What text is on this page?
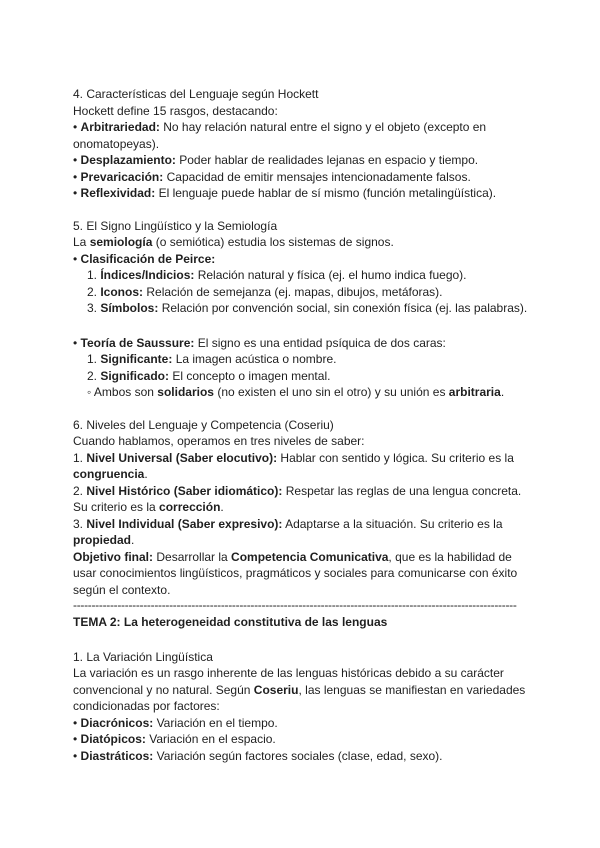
4. Características del Lenguaje según Hockett

Hockett define 15 rasgos, destacando:

• Arbitrariedad: No hay relación natural entre el signo y el objeto (excepto en onomatopeyas).

• Desplazamiento: Poder hablar de realidades lejanas en espacio y tiempo.

• Prevaricación: Capacidad de emitir mensajes intencionadamente falsos.

• Reflexividad: El lenguaje puede hablar de sí mismo (función metalingüística).

5. El Signo Lingüístico y la Semiología

La semiología (o semiótica) estudia los sistemas de signos.

• Clasificación de Peirce:

1. Índices/Indicios: Relación natural y física (ej. el humo indica fuego).

2. Iconos: Relación de semejanza (ej. mapas, dibujos, metáforas).

3. Símbolos: Relación por convención social, sin conexión física (ej. las palabras).

• Teoría de Saussure: El signo es una entidad psíquica de dos caras:

1. Significante: La imagen acústica o nombre.

2. Significado: El concepto o imagen mental.

◦ Ambos son solidarios (no existen el uno sin el otro) y su unión es arbitraria.

6. Niveles del Lenguaje y Competencia (Coseriu)

Cuando hablamos, operamos en tres niveles de saber:

1. Nivel Universal (Saber elocutivo): Hablar con sentido y lógica. Su criterio es la congruencia.

2. Nivel Histórico (Saber idiomático): Respetar las reglas de una lengua concreta. Su criterio es la corrección.

3. Nivel Individual (Saber expresivo): Adaptarse a la situación. Su criterio es la propiedad.

Objetivo final: Desarrollar la Competencia Comunicativa, que es la habilidad de usar conocimientos lingüísticos, pragmáticos y sociales para comunicarse con éxito según el contexto.

------------------------------------------------------------------------------------------------------------------------

TEMA 2: La heterogeneidad constitutiva de las lenguas

1. La Variación Lingüística

La variación es un rasgo inherente de las lenguas históricas debido a su carácter convencional y no natural. Según Coseriu, las lenguas se manifiestan en variedades condicionadas por factores:

• Diacrónicos: Variación en el tiempo.

• Diatópicos: Variación en el espacio.

• Diastráticos: Variación según factores sociales (clase, edad, sexo).
